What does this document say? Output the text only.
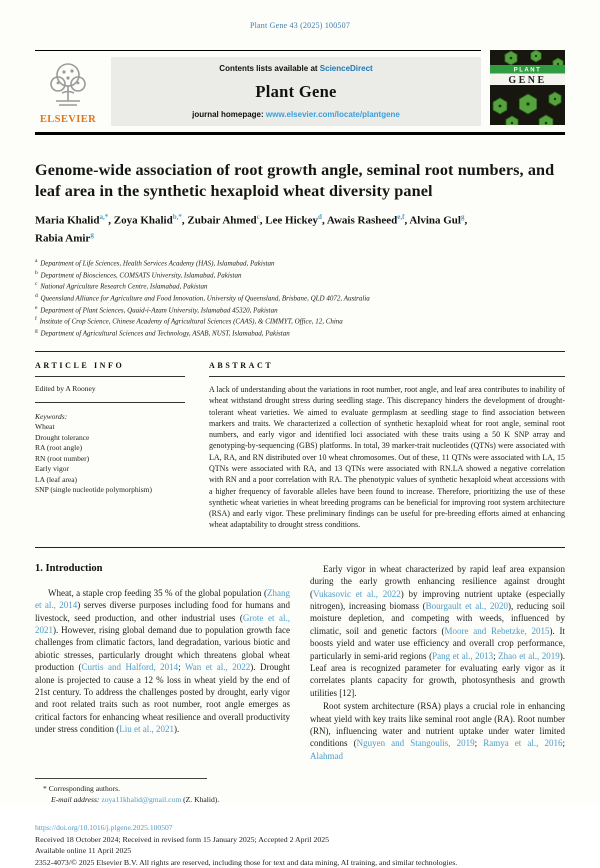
Plant Gene 43 (2025) 100507
ELSEVIER
Contents lists available at ScienceDirect
Plant Gene
journal homepage: www.elsevier.com/locate/plantgene
PLANT
GENE
Genome-wide association of root growth angle, seminal root numbers, and leaf area in the synthetic hexaploid wheat diversity panel

Maria Khalid$^{a,*}$, Zoya Khalid$^{b,*}$, Zubair Ahmed$^c$, Lee Hickey$^d$, Awais Rasheed$^{e,f}$, Alvina Gul$^g$,
Rabia Amir$^g$

$^a$ Department of Life Sciences, Health Services Academy (HAS), Islamabad, Pakistan
$^b$ Department of Biosciences, COMSATS University, Islamabad, Pakistan
$^c$ National Agriculture Research Centre, Islamabad, Pakistan
$^d$ Queensland Alliance for Agriculture and Food Innovation, University of Queensland, Brisbane, QLD 4072, Australia
$^e$ Department of Plant Sciences, Quaid-i-Azam University, Islamabad 45320, Pakistan
$^f$ Institute of Crop Science, Chinese Academy of Agricultural Sciences (CAAS), & CIMMYT, Office, 12, China
$^g$ Department of Agricultural Sciences and Technology, ASAB, NUST, Islamabad, Pakistan
ARTICLE INFO
Edited by A Rooney
Keywords:
Wheat
Drought tolerance
RA (root angle)
RN (root number)
Early vigor
LA (leaf area)
SNP (single nucleotide polymorphism)
ABSTRACT
A lack of understanding about the variations in root number, root angle, and leaf area contributes to inability of wheat withstand drought stress during seedling stage. This discrepancy hinders the development of drought-tolerant wheat varieties. We aimed to evaluate germplasm at seedling stage to find association between markers and traits. We characterized a collection of synthetic hexaploid wheat for root angle, seminal root numbers, and early vigor and identified loci associated with these traits using a 50 K SNP array and genotyping-by-sequencing (GBS) platforms. In total, 39 marker-trait nucleotides (QTNs) were associated with LA, RA, and RN distributed over 10 wheat chromosomes. Out of these, 11 QTNs were associated with LA, 15 QTNs were associated with RA, and 13 QTNs were associated with RN.LA showed a negative correlation with RN and a poor correlation with RA. The phenotypic values of synthetic hexaploid wheat accessions with a higher frequency of favorable alleles have been found to increase. Therefore, prioritizing the use of these synthetic wheat varieties in wheat breeding programs can be beneficial for improving root system architecture (RSA) and early vigor. These preliminary findings can be useful for pre-breeding efforts aimed at enhancing wheat adaptability to drought stress conditions.
1. Introduction

Wheat, a staple crop feeding 35 % of the global population (Zhang et al., 2014) serves diverse purposes including food for humans and livestock, seed production, and other industrial uses (Grote et al., 2021). However, rising global demand due to population growth face challenges from climatic factors, land degradation, various biotic and abiotic stresses, particularly drought which threatens global wheat production (Curtis and Halford, 2014; Wan et al., 2022). Drought alone is projected to cause a 12 % loss in wheat yield by the end of 21st century. To address the challenges posted by drought, early vigor and root related traits such as root number, root angle emerges as critical factors for enhancing wheat resilience and overall productivity under stress condition (Liu et al., 2021).

Early vigor in wheat characterized by rapid leaf area expansion during the early growth enhancing resilience against drought (Vukasovic et al., 2022) by improving nutrient uptake (especially nitrogen), increasing biomass (Bourgault et al., 2020), reducing soil moisture depletion, and competing with weeds, influenced by climatic, soil and genetic factors (Moore and Rebetzke, 2015). It boosts yield and water use efficiency and overall crop performance, particularly in semi-arid regions (Pang et al., 2013; Zhao et al., 2019). Leaf area is recognized parameter for evaluating early vigor as it correlates plants capacity for growth, photosynthesis and growth utilities [12].

Root system architecture (RSA) plays a crucial role in enhancing wheat yield with key traits like seminal root angle (RA). Root number (RN), influencing water and nutrient uptake under water limited conditions (Nguyen and Stangoulis, 2019; Ramya et al., 2016; Alahmad

* Corresponding authors.
E-mail address: zoya11khalid@gmail.com (Z. Khalid).
https://doi.org/10.1016/j.plgene.2025.100507
Received 18 October 2024; Received in revised form 15 January 2025; Accepted 2 April 2025
Available online 11 April 2025
2352-4073/© 2025 Elsevier B.V. All rights are reserved, including those for text and data mining, AI training, and similar technologies.
